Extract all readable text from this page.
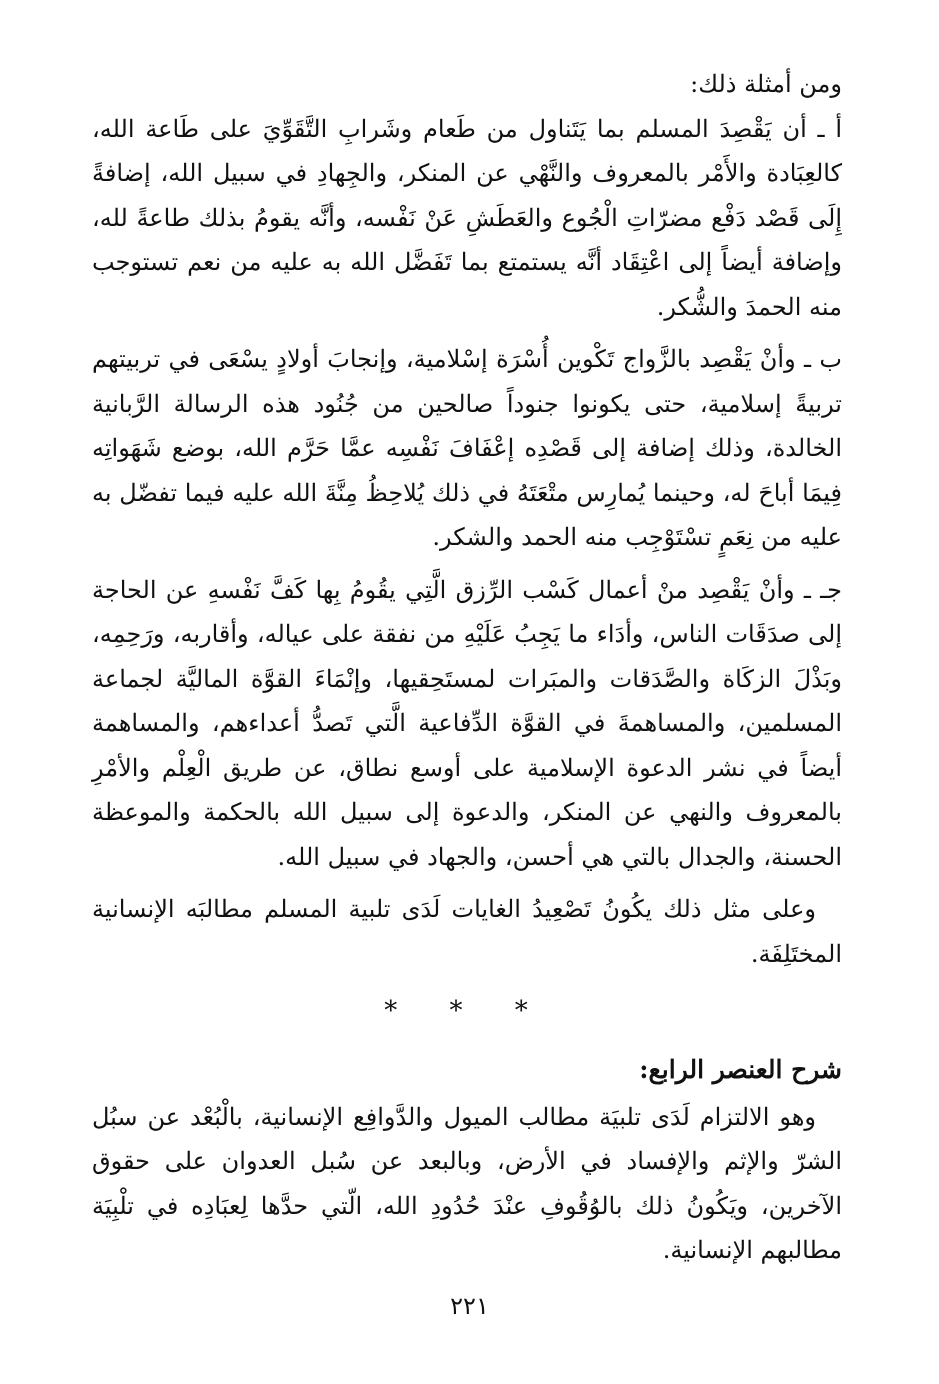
ومن أمثلة ذلك:

أ ـ أن يَقْصِدَ المسلم بما يَتَناول من طَعام وشَرابِ التَّقَوِّيَ على طَاعة الله، كالعِبَادة والأَمْر بالمعروف والنَّهْي عن المنكر، والجِهادِ في سبيل الله، إضافةً إِلَى قَصْد دَفْع مضرّاتِ الْجُوع والعَطَشِ عَنْ نَفْسه، وأنَّه يقومُ بذلك طاعةً لله، وإضافة أيضاً إلى اعْتِقَاد أنَّه يستمتع بما تَفَضَّل الله به عليه من نعم تستوجب منه الحمدَ والشُّكر.

ب ـ وأنْ يَقْصِد بالزَّواج تَكْوين أُسْرَة إسْلامية، وإنجابَ أولادٍ يسْعَى في تربيتهم تربيةً إسلامية، حتى يكونوا جنوداً صالحين من جُنُود هذه الرسالة الرَّبانية الخالدة، وذلك إضافة إلى قَصْدِه إعْفَافَ نَفْسِه عمَّا حَرَّم الله، بوضع شَهَواتِه فِيمَا أباحَ له، وحينما يُمارِس متْعَتَهُ في ذلك يُلاحِظُ مِنَّةَ الله عليه فيما تفضّل به عليه من نِعَمٍ تسْتَوْجِب منه الحمد والشكر.

جـ ـ وأنْ يَقْصِد منْ أعمال كَسْب الرِّزق الَّتِي يقُومُ بِها كَفَّ نَفْسهِ عن الحاجة إلى صدَقَات الناس، وأدَاء ما يَجِبُ عَلَيْهِ من نفقة على عياله، وأقاربه، ورَحِمِه، وبَذْلَ الزكَاة والصَّدَقات والمبَرات لمستَحِقيها، وإنْمَاءَ القوَّة الماليَّة لجماعة المسلمين، والمساهمةَ في القوَّة الدِّفاعية الَّتي تَصدُّ أعداءهم، والمساهمة أيضاً في نشر الدعوة الإسلامية على أوسع نطاق، عن طريق الْعِلْم والأمْرِ بالمعروف والنهي عن المنكر، والدعوة إلى سبيل الله بالحكمة والموعظة الحسنة، والجدال بالتي هي أحسن، والجهاد في سبيل الله.

وعلى مثل ذلك يكُونُ تَصْعِيدُ الغايات لَدَى تلبية المسلم مطالبَه الإنسانية المختَلِفَة.

* * *

شرح العنصر الرابع:

وهو الالتزام لَدَى تلبيَة مطالب الميول والدَّوافِع الإنسانية، بالْبُعْد عن سبُل الشرّ والإثم والإفساد في الأرض، وبالبعد عن سُبل العدوان على حقوق الآخرين، ويَكُونُ ذلك بالوُقُوفِ عنْدَ حُدُودِ الله، الّتي حدَّها لِعبَادِه في تلْبِيَة مطالبهم الإنسانية.

٢٢١
